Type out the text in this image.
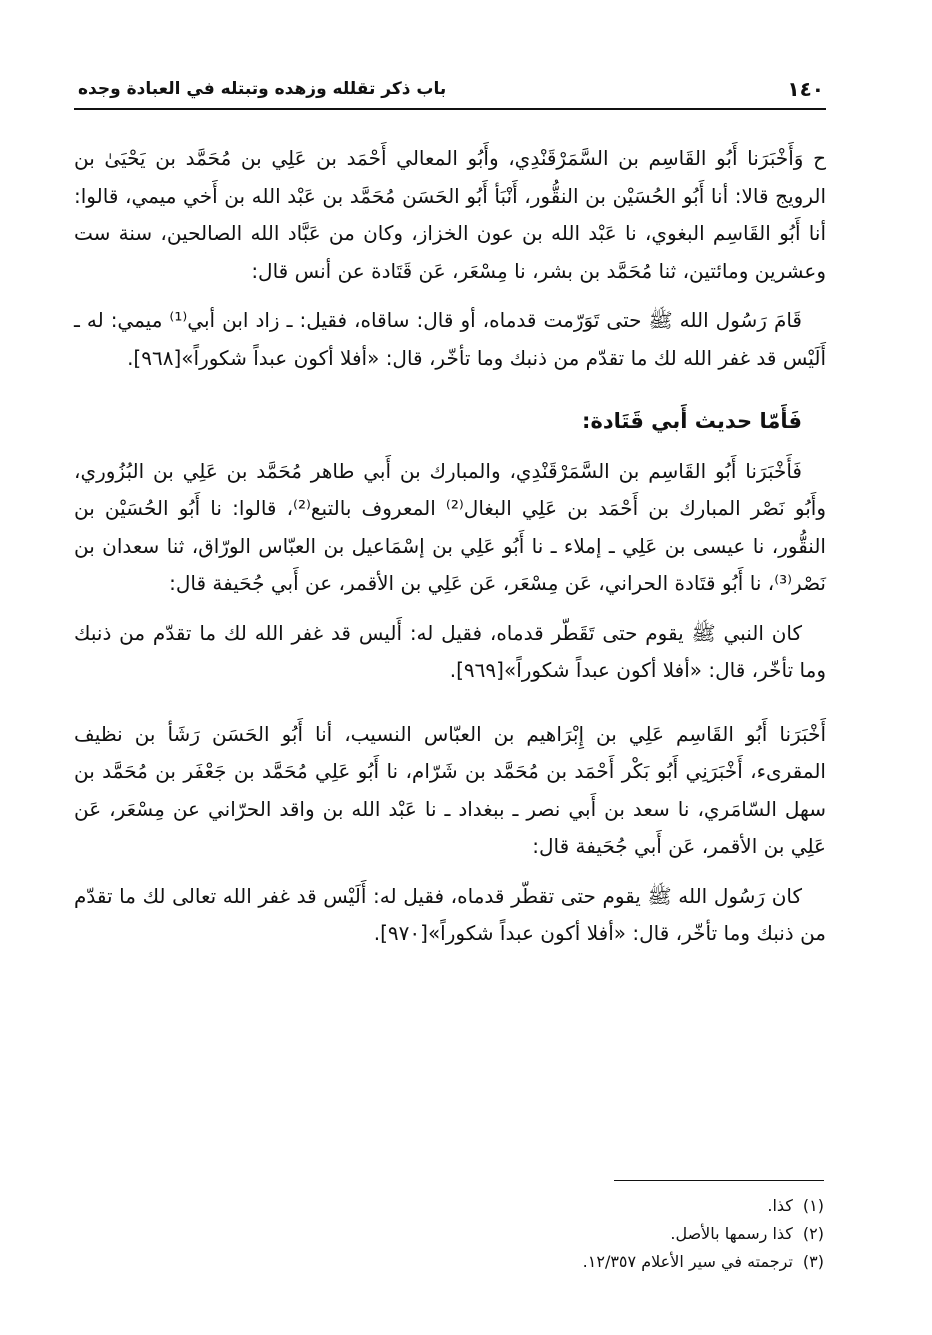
١٤٠
باب ذكر تقلله وزهده وتبتله في العبادة وجده

ح وَأَخْبَرَنا أَبُو القَاسِم بن السَّمَرْقَنْدِي، وأَبُو المعالي أَحْمَد بن عَلِي بن مُحَمَّد بن يَحْيَىٰ بن الرويج قالا: أنا أَبُو الحُسَيْن بن النقُّور، أَنْبَأ أَبُو الحَسَن مُحَمَّد بن عَبْد الله بن أَخي ميمي، قالوا: أنا أَبُو القَاسِم البغوي، نا عَبْد الله بن عون الخزاز، وكان من عَبَّاد الله الصالحين، سنة ست وعشرين ومائتين، ثنا مُحَمَّد بن بشر، نا مِسْعَر، عَن قَتَادة عن أنس قال:

قَامَ رَسُول الله ﷺ حتى تَوَرّمت قدماه، أو قال: ساقاه، فقيل: ـ زاد ابن أبي⁽¹⁾ ميمي: له ـ أَلَيْس قد غفر الله لك ما تقدّم من ذنبك وما تأخّر، قال: «أفلا أكون عبداً شكوراً»[٩٦٨].

فَأَمّا حديث أَبي قَتَادة:

فَأَخْبَرَنا أَبُو القَاسِم بن السَّمَرْقَنْدِي، والمبارك بن أَبي طاهر مُحَمَّد بن عَلِي بن البُزُوري، وأَبُو نَصْر المبارك بن أَحْمَد بن عَلِي البغال⁽²⁾ المعروف بالتبع⁽²⁾، قالوا: نا أَبُو الحُسَيْن بن النقُّور، نا عيسى بن عَلِي ـ إملاء ـ نا أَبُو عَلِي بن إسْمَاعيل بن العبّاس الورّاق، ثنا سعدان بن نَصْر⁽³⁾، نا أَبُو قتَادة الحراني، عَن مِسْعَر، عَن عَلِي بن الأقمر، عن أَبي جُحَيفة قال:

كان النبي ﷺ يقوم حتى تَقَطّر قدماه، فقيل له: أَليس قد غفر الله لك ما تقدّم من ذنبك وما تأخّر، قال: «أفلا أكون عبداً شكوراً»[٩٦٩].

أَخْبَرَنا أَبُو القَاسِم عَلِي بن إِبْرَاهيم بن العبّاس النسيب، أنا أَبُو الحَسَن رَشَأ بن نظيف المقرىء، أَخْبَرَنِي أَبُو بَكْر أَحْمَد بن مُحَمَّد بن شَرّام، نا أَبُو عَلِي مُحَمَّد بن جَعْفَر بن مُحَمَّد بن سهل السّامَري، نا سعد بن أَبي نصر ـ ببغداد ـ نا عَبْد الله بن واقد الحرّاني عن مِسْعَر، عَن عَلِي بن الأقمر، عَن أَبي جُحَيفة قال:

كان رَسُول الله ﷺ يقوم حتى تقطّر قدماه، فقيل له: أَلَيْس قد غفر الله تعالى لك ما تقدّم من ذنبك وما تأخّر، قال: «أفلا أكون عبداً شكوراً»[٩٧٠].

(١)كذا.

(٢)كذا رسمها بالأصل.

(٣)ترجمته في سير الأعلام ١٢/٣٥٧.
